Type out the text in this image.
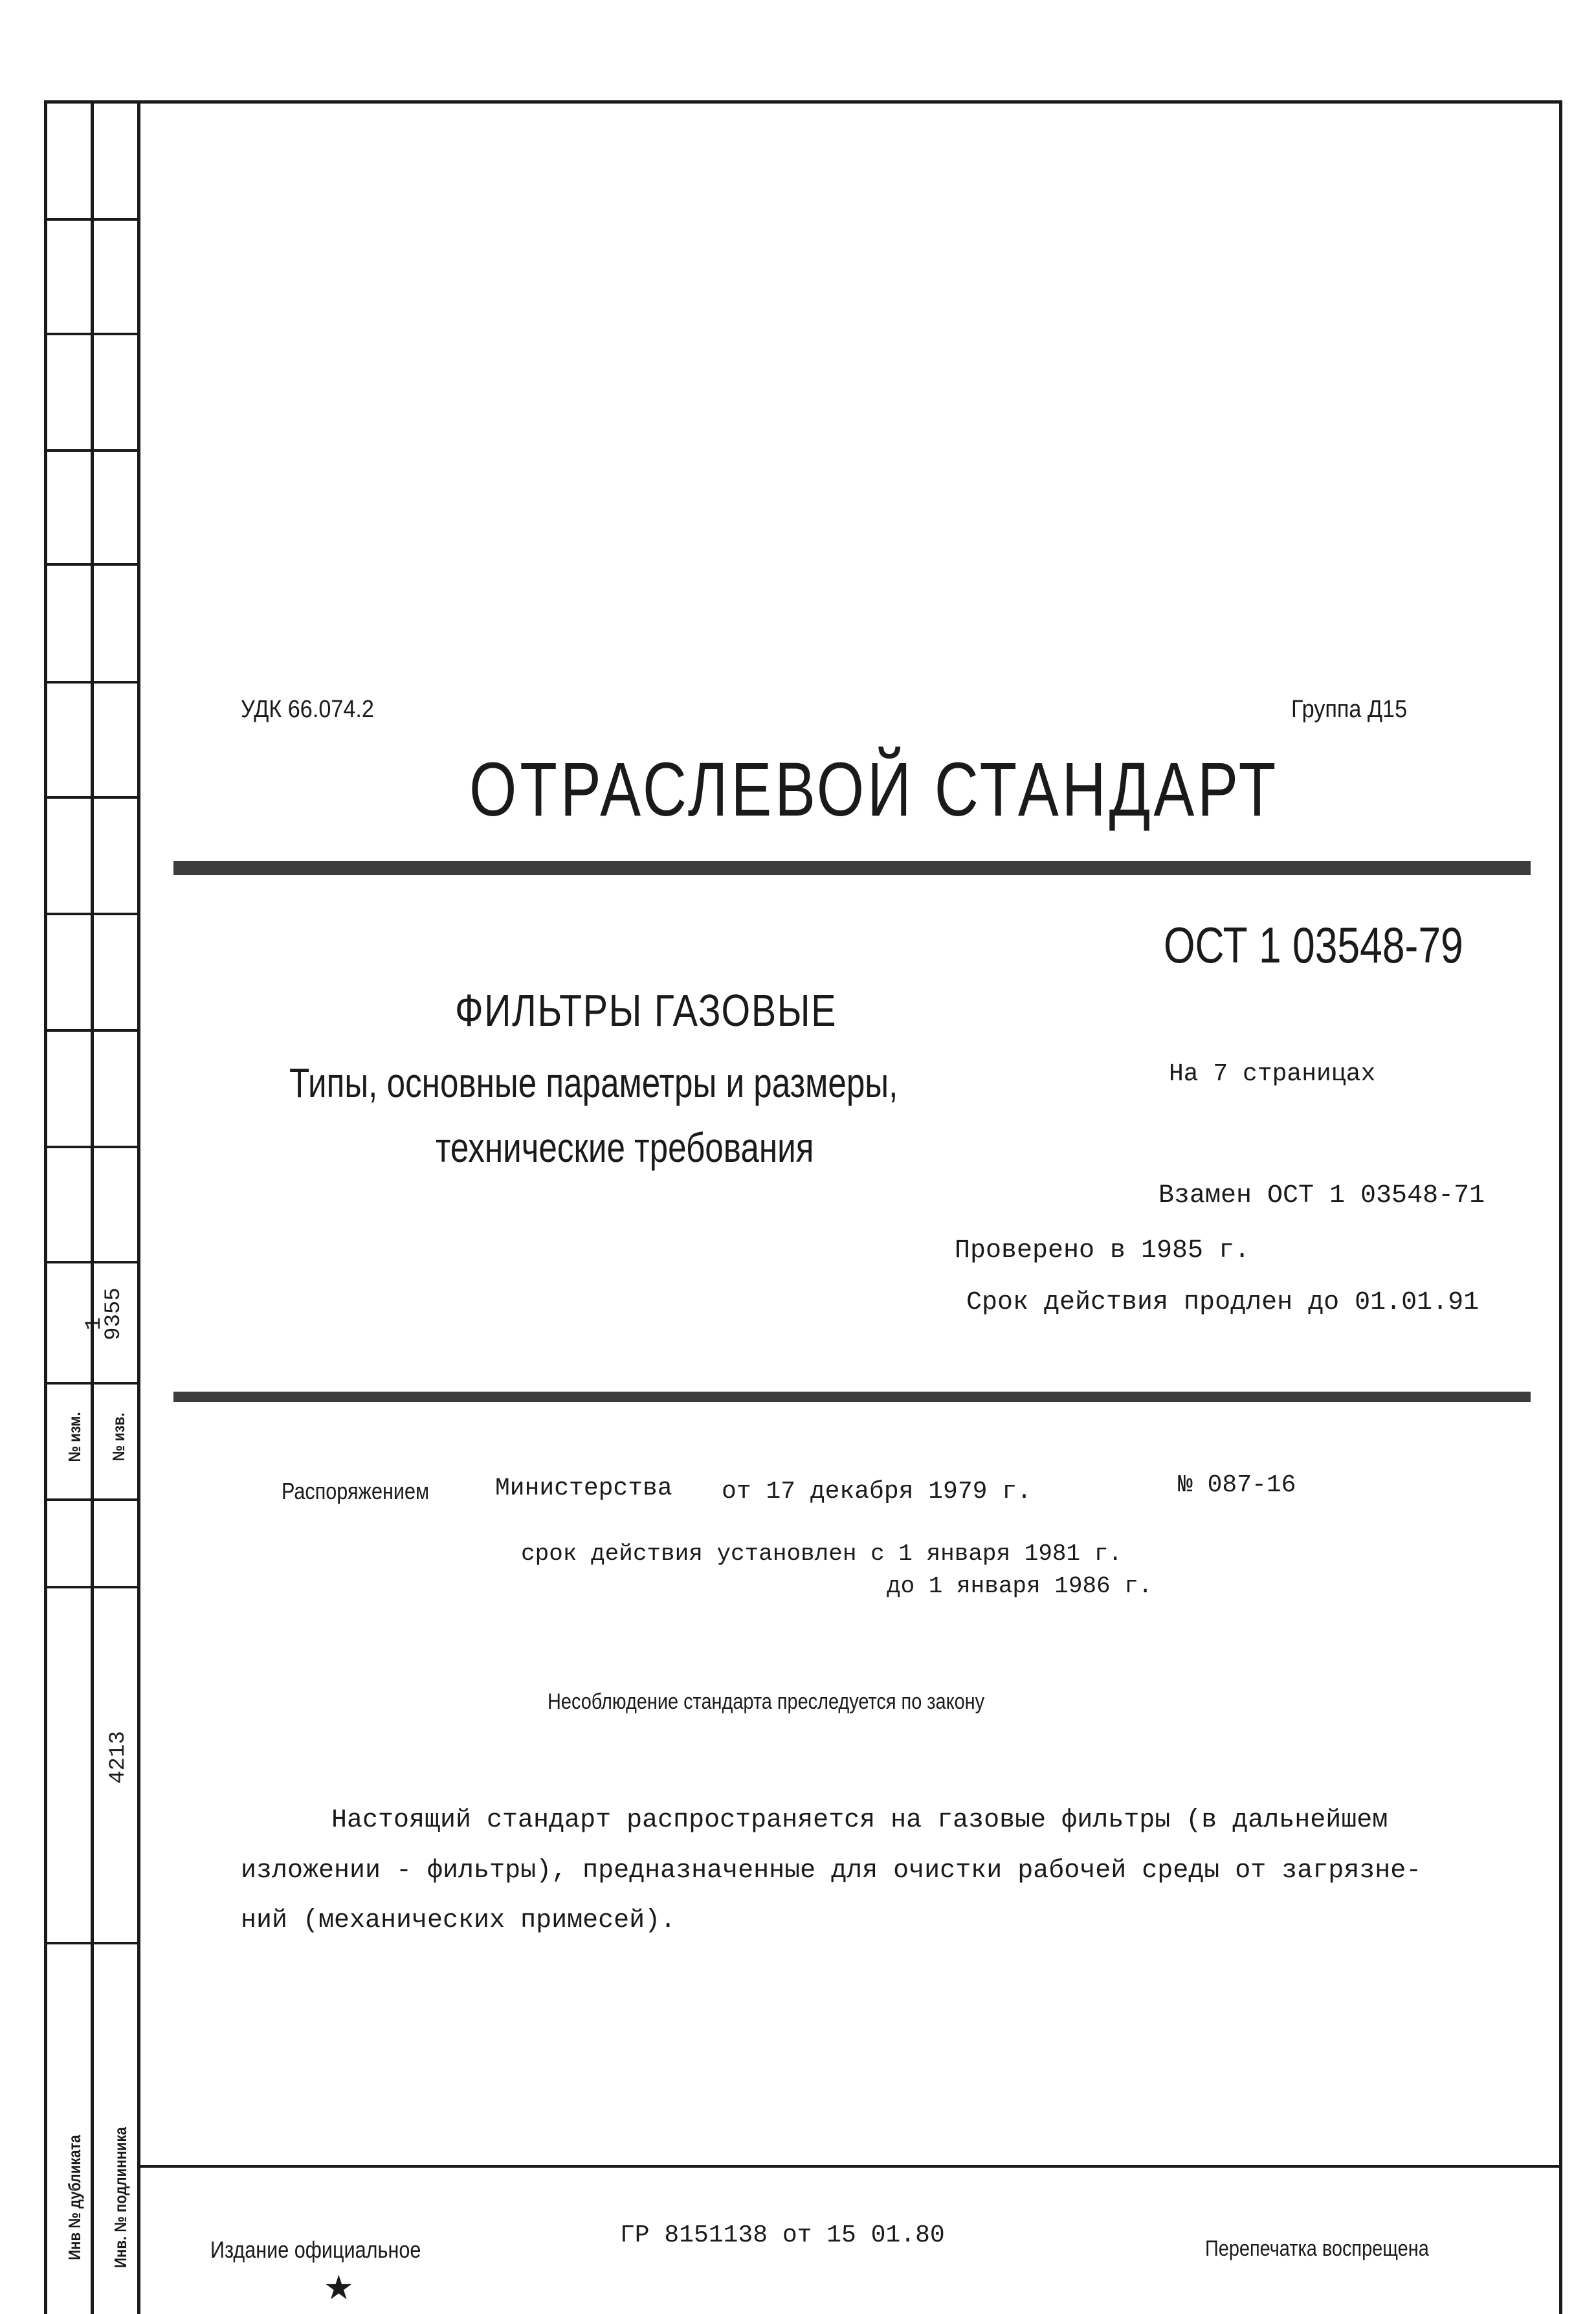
1
9355
№ изм. № изв.
4213
Инв № дубликата Инв. № подлинника
УДК 66.074.2	Группа Д15
ОТРАСЛЕВОЙ СТАНДАРТ
ОСТ 1 03548-79
ФИЛЬТРЫ ГАЗОВЫЕ
Типы, основные параметры и размеры,
технические требования
На 7 страницах
Взамен ОСТ 1 03548-71
Проверено в 1985 г.
Срок действия продлен до 01.01.91
Распоряжением	Министерства от 17 декабря 1979 г.	№ 087-16
срок действия установлен с 1 января 1981 г.
до 1 января 1986 г.
Несоблюдение стандарта преследуется по закону
Настоящий стандарт распространяется на газовые фильтры (в дальнейшем
изложении - фильтры), предназначенные для очистки рабочей среды от загрязне-
ний (механических примесей).
Издание официальное
★
ГР 8151138 от 15 01.80	Перепечатка воспрещена
